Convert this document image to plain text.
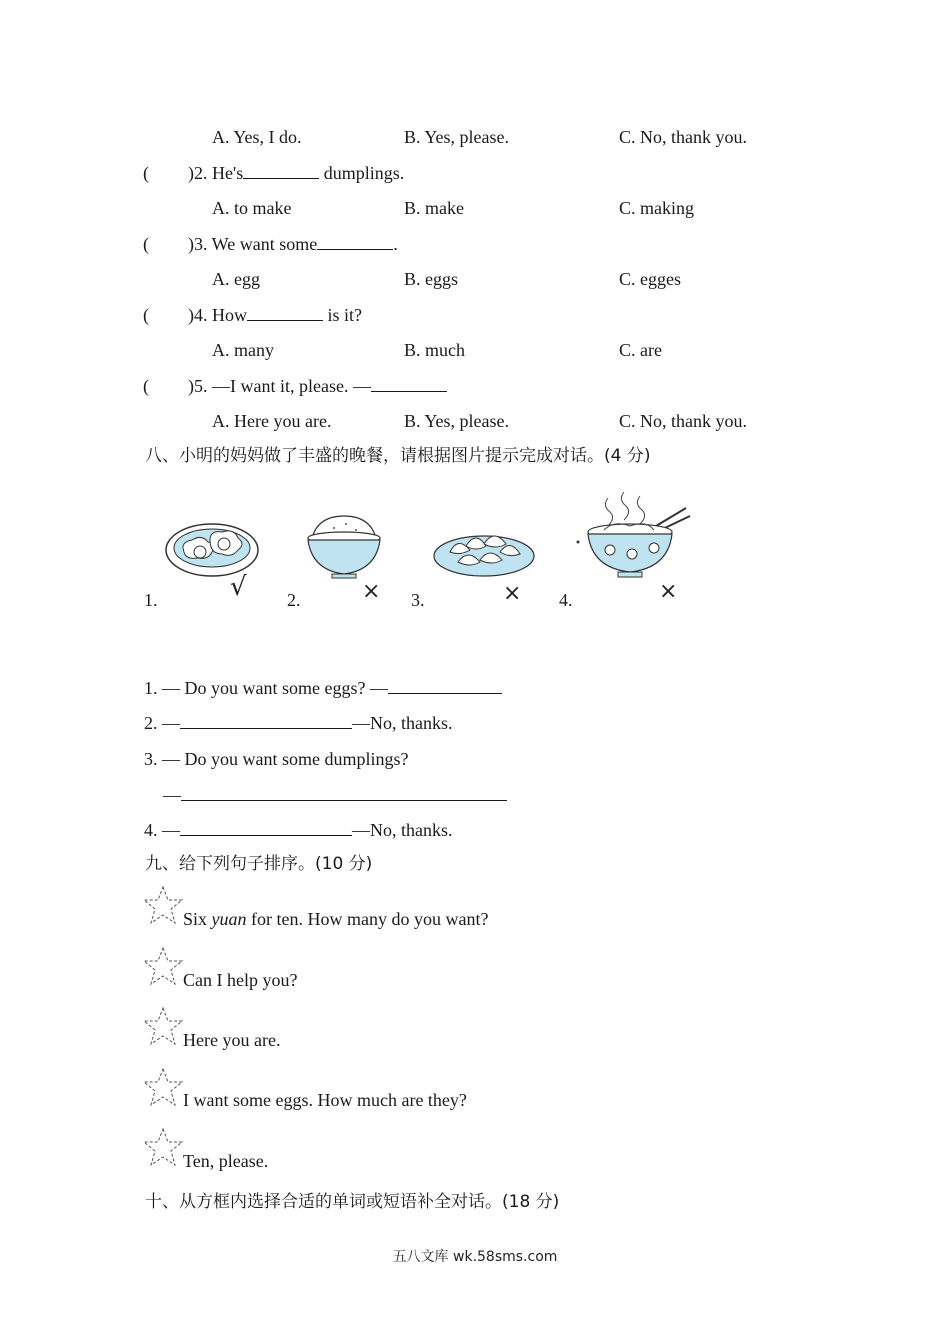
A. Yes, I do.	B. Yes, please.	C. No, thank you.
( )2. He's	dumplings.
A. to make	B. make	C. making
( )3. We want some	.
A. egg	B. eggs	C. egges
( )4. How	is it?
A. many	B. much	C. are
( )5. —I want it, please. —
A. Here you are.	B. Yes, please.	C. No, thank you.
八、小明的妈妈做了丰盛的晚餐，请根据图片提示完成对话。(4 分)
1.	√ 2.	× 3.	× 4.	×
1. — Do you want some eggs? —
2. —	—No, thanks.
3. — Do you want some dumplings?
—
4. —	—No, thanks.
九、给下列句子排序。(10 分)
Six yuan for ten. How many do you want?
Can I help you?
Here you are.
I want some eggs. How much are they?
Ten, please.
十、从方框内选择合适的单词或短语补全对话。(18 分)
五八文库 wk.58sms.com
